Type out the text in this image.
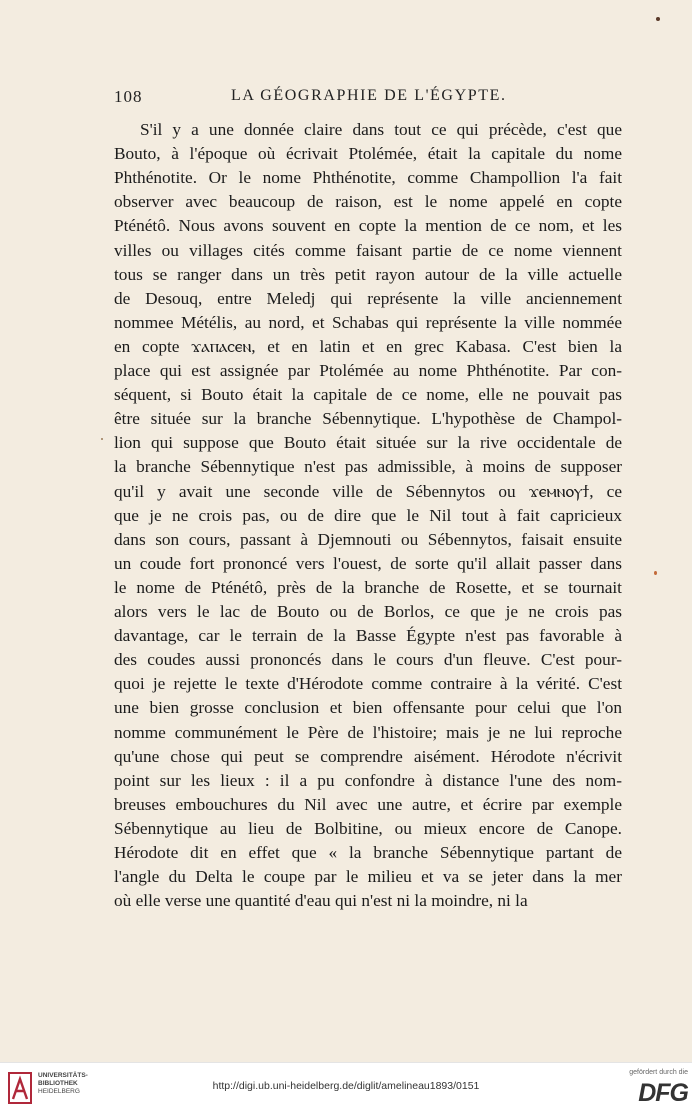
108	LA GÉOGRAPHIE DE L'ÉGYPTE.
S'il y a une donnée claire dans tout ce qui précède, c'est que
Bouto, à l'époque où écrivait Ptolémée, était la capitale du nome
Phthénotite. Or le nome Phthénotite, comme Champollion l'a fait
observer avec beaucoup de raison, est le nome appelé en copte
Pténétô. Nous avons souvent en copte la mention de ce nom, et les
villes ou villages cités comme faisant partie de ce nome viennent
tous se ranger dans un très petit rayon autour de la ville actuelle
de Desouq, entre Meledj qui représente la ville anciennement
nommee Métélis, au nord, et Schabas qui représente la ville nommée
en copte ϫⲁⲡⲁⲥⲉⲛ, et en latin et en grec Kabasa. C'est bien la
place qui est assignée par Ptolémée au nome Phthénotite. Par con-
séquent, si Bouto était la capitale de ce nome, elle ne pouvait pas
être située sur la branche Sébennytique. L'hypothèse de Champol-
lion qui suppose que Bouto était située sur la rive occidentale de
la branche Sébennytique n'est pas admissible, à moins de supposer
qu'il y avait une seconde ville de Sébennytos ou ϫⲉⲙⲛⲟⲩϯ, ce
que je ne crois pas, ou de dire que le Nil tout à fait capricieux
dans son cours, passant à Djemnouti ou Sébennytos, faisait ensuite
un coude fort prononcé vers l'ouest, de sorte qu'il allait passer dans
le nome de Pténétô, près de la branche de Rosette, et se tournait
alors vers le lac de Bouto ou de Borlos, ce que je ne crois pas
davantage, car le terrain de la Basse Égypte n'est pas favorable à
des coudes aussi prononcés dans le cours d'un fleuve. C'est pour-
quoi je rejette le texte d'Hérodote comme contraire à la vérité. C'est
une bien grosse conclusion et bien offensante pour celui que l'on
nomme communément le Père de l'histoire; mais je ne lui reproche
qu'une chose qui peut se comprendre aisément. Hérodote n'écrivit
point sur les lieux : il a pu confondre à distance l'une des nom-
breuses embouchures du Nil avec une autre, et écrire par exemple
Sébennytique au lieu de Bolbitine, ou mieux encore de Canope.
Hérodote dit en effet que « la branche Sébennytique partant de
l'angle du Delta le coupe par le milieu et va se jeter dans la mer
où elle verse une quantité d'eau qui n'est ni la moindre, ni la
UNIVERSITÄTS-
BIBLIOTHEK
HEIDELBERG	http://digi.ub.uni-heidelberg.de/diglit/amelineau1893/0151
gefördert durch die
DFG
